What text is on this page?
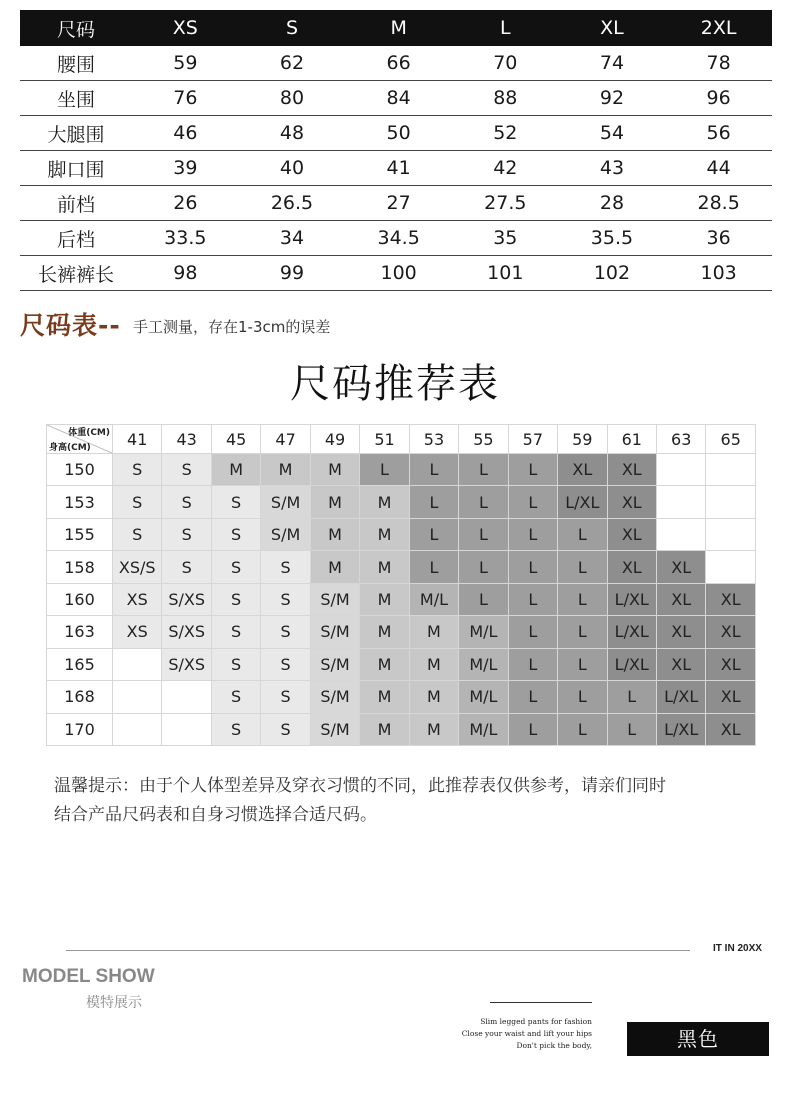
尺码	XS	S	M	L	XL	2XL
腰围	59	62	66	70	74	78
坐围	76	80	84	88	92	96
大腿围	46	48	50	52	54	56
脚口围	39	40	41	42	43	44
前档	26	26.5	27	27.5	28	28.5
后档	33.5	34	34.5	35	35.5	36
长裤裤长	98	99	100	101	102	103
尺码表-- 手工测量，存在1-3cm的误差
尺码推荐表
体重(CM)
身高(CM)	41	43	45	47	49	51	53	55	57	59	61	63	65
150	S	S	M	M	M	L	L	L	L	XL	XL		
153	S	S	S	S/M	M	M	L	L	L	L/XL	XL		
155	S	S	S	S/M	M	M	L	L	L	L	XL		
158	XS/S	S	S	S	M	M	L	L	L	L	XL	XL	
160	XS	S/XS	S	S	S/M	M	M/L	L	L	L	L/XL	XL	XL
163	XS	S/XS	S	S	S/M	M	M	M/L	L	L	L/XL	XL	XL
165		S/XS	S	S	S/M	M	M	M/L	L	L	L/XL	XL	XL
168			S	S	S/M	M	M	M/L	L	L	L	L/XL	XL
170			S	S	S/M	M	M	M/L	L	L	L	L/XL	XL
温馨提示：由于个人体型差异及穿衣习惯的不同，此推荐表仅供参考，请亲们同时
结合产品尺码表和自身习惯选择合适尺码。
IT IN 20XX
MODEL SHOW
模特展示
Slim legged pants for fashion
Close your waist and lift your hips
Don't pick the body,	黑色
